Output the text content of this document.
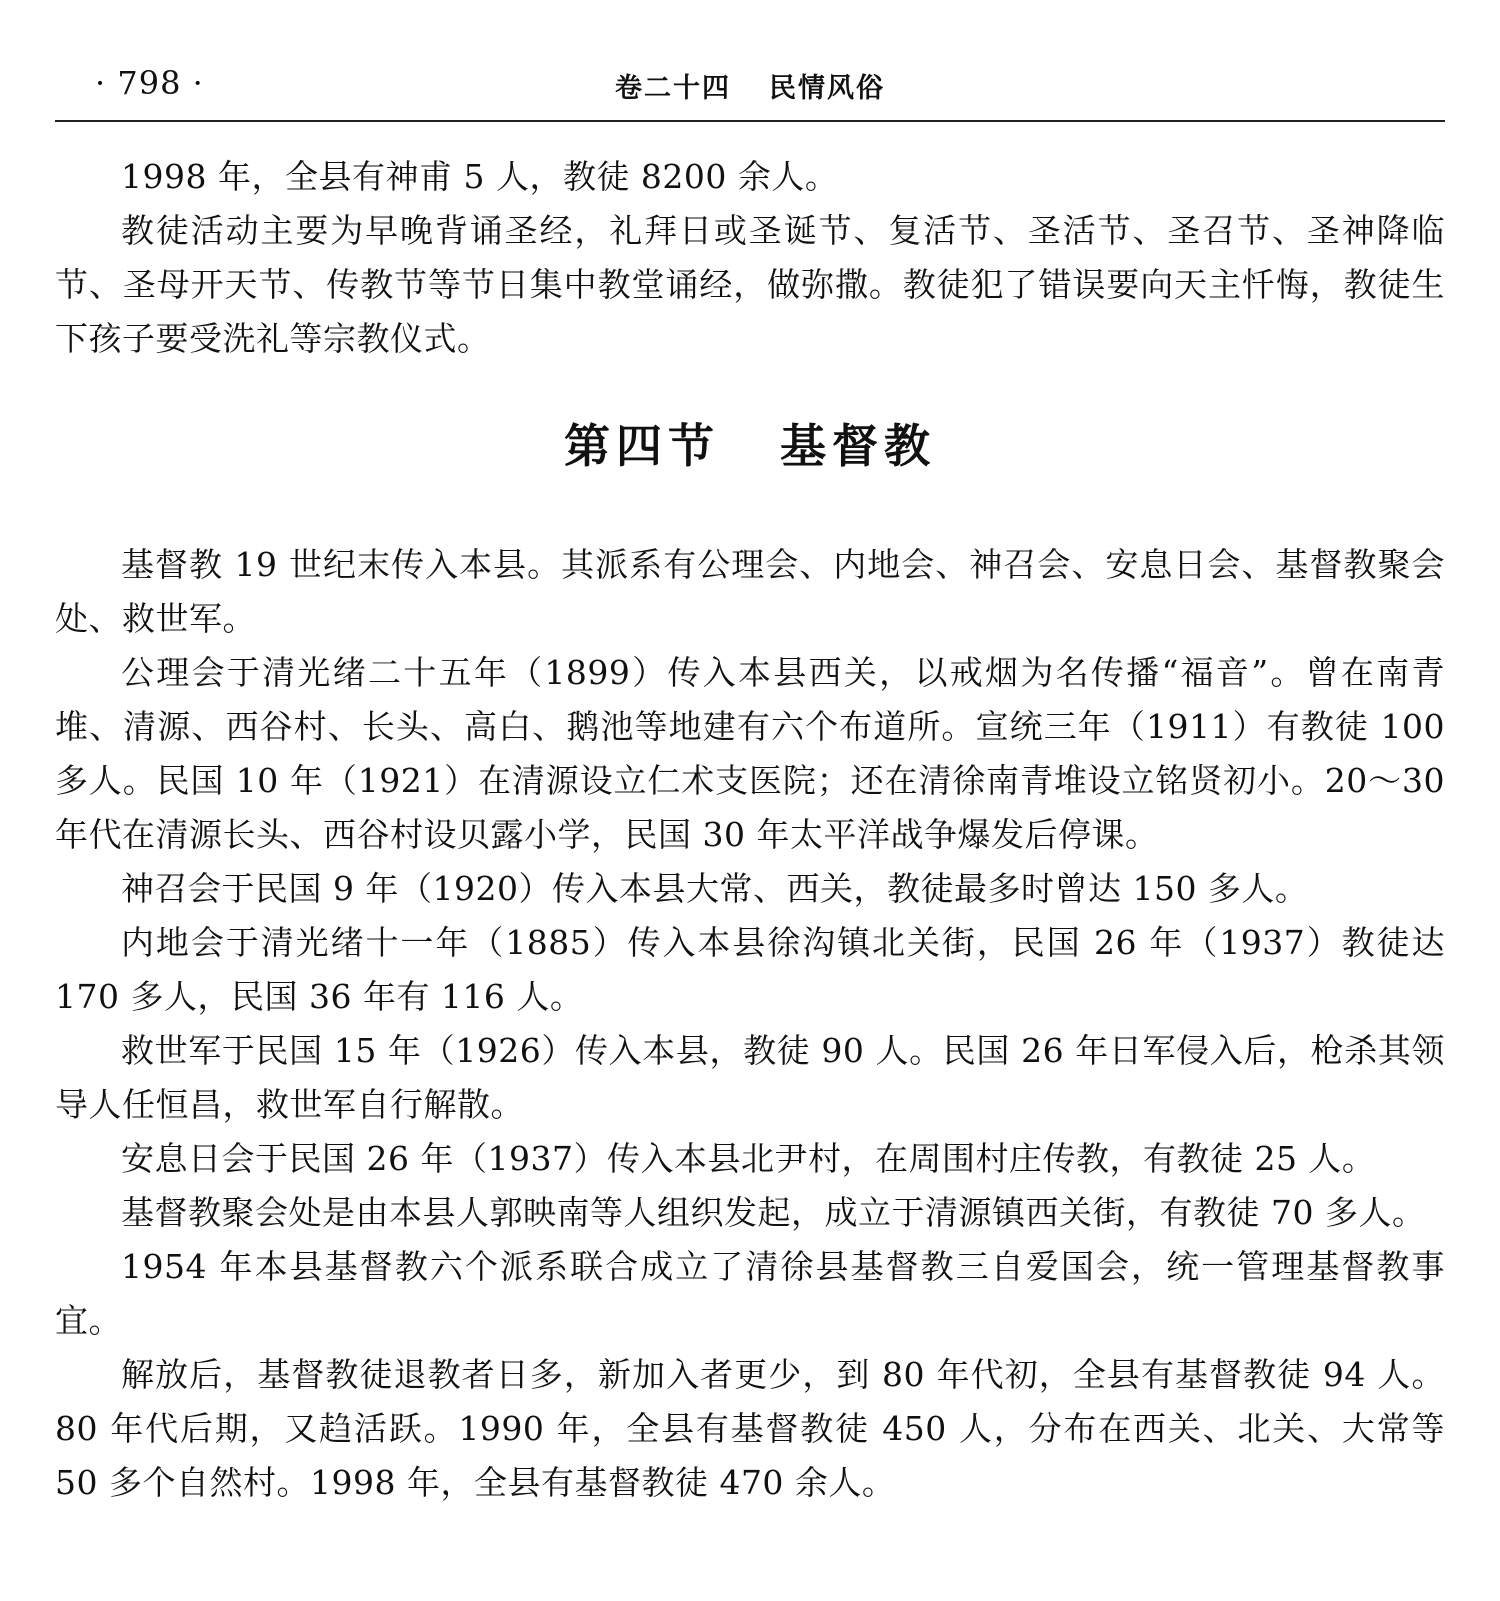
· 798 ·	卷二十四 民情风俗

1998 年，全县有神甫 5 人，教徒 8200 余人。

教徒活动主要为早晚背诵圣经，礼拜日或圣诞节、复活节、圣活节、圣召节、圣神降临节、圣母开天节、传教节等节日集中教堂诵经，做弥撒。教徒犯了错误要向天主忏悔，教徒生下孩子要受洗礼等宗教仪式。

第四节 基督教

基督教 19 世纪末传入本县。其派系有公理会、内地会、神召会、安息日会、基督教聚会处、救世军。

公理会于清光绪二十五年（1899）传入本县西关，以戒烟为名传播“福音”。曾在南青堆、清源、西谷村、长头、高白、鹅池等地建有六个布道所。宣统三年（1911）有教徒 100 多人。民国 10 年（1921）在清源设立仁术支医院；还在清徐南青堆设立铭贤初小。20～30 年代在清源长头、西谷村设贝露小学，民国 30 年太平洋战争爆发后停课。

神召会于民国 9 年（1920）传入本县大常、西关，教徒最多时曾达 150 多人。

内地会于清光绪十一年（1885）传入本县徐沟镇北关街，民国 26 年（1937）教徒达 170 多人，民国 36 年有 116 人。

救世军于民国 15 年（1926）传入本县，教徒 90 人。民国 26 年日军侵入后，枪杀其领导人任恒昌，救世军自行解散。

安息日会于民国 26 年（1937）传入本县北尹村，在周围村庄传教，有教徒 25 人。

基督教聚会处是由本县人郭映南等人组织发起，成立于清源镇西关街，有教徒 70 多人。

1954 年本县基督教六个派系联合成立了清徐县基督教三自爱国会，统一管理基督教事宜。

解放后，基督教徒退教者日多，新加入者更少，到 80 年代初，全县有基督教徒 94 人。80 年代后期，又趋活跃。1990 年，全县有基督教徒 450 人，分布在西关、北关、大常等 50 多个自然村。1998 年，全县有基督教徒 470 余人。
